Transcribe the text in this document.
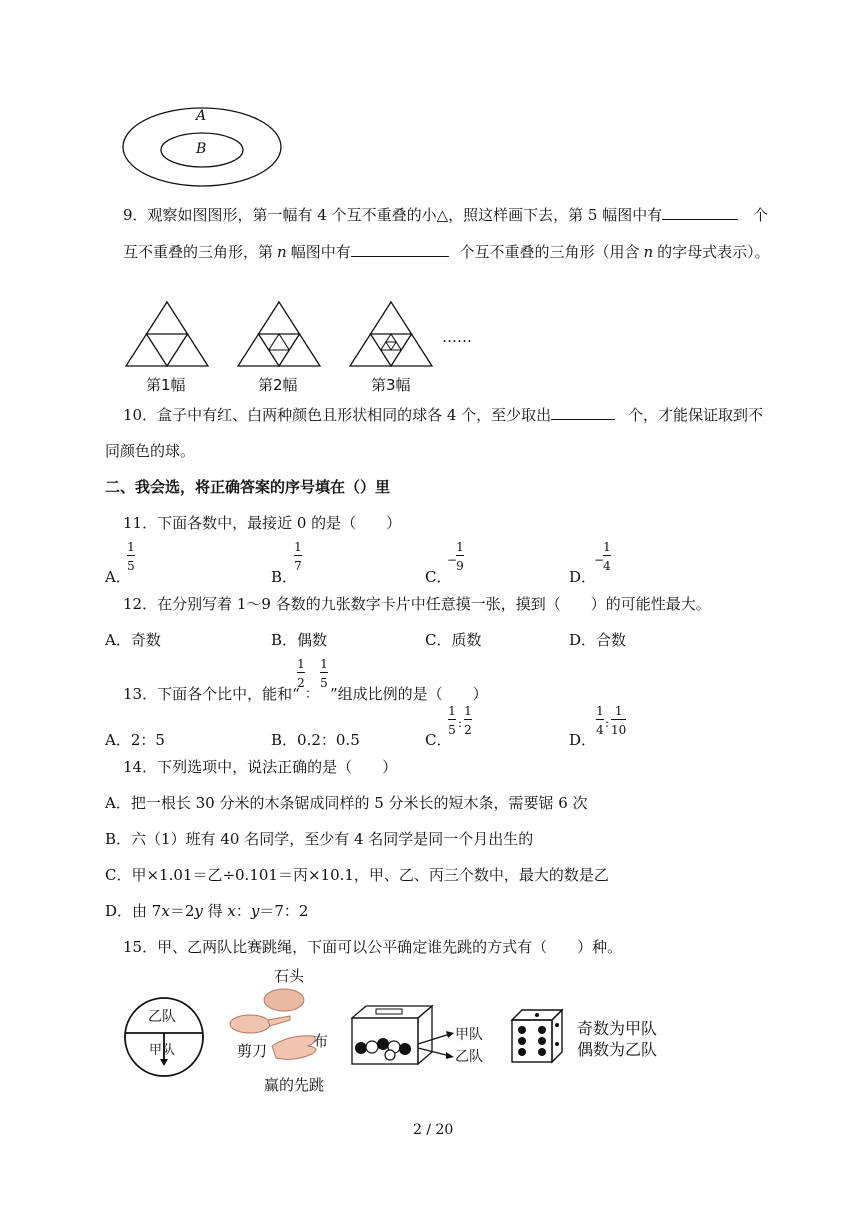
A
B
9．观察如图图形，第一幅有 4 个互不重叠的小△，照这样画下去，第 5 幅图中有	个
互不重叠的三角形，第 n 幅图中有	个互不重叠的三角形（用含 n 的字母式表示）。
……
第1幅	第2幅	第3幅
10．盒子中有红、白两种颜色且形状相同的球各 4 个，至少取出	个，才能保证取到不
同颜色的球。
二、我会选，将正确答案的序号填在（）里
11．下面各数中，最接近 0 的是（　　）
A．
$\frac{1}{5}$
B．
$\frac{1}{7}$
C．
−
$\frac{1}{9}$
D．
−
$\frac{1}{4}$
12．在分别写着 1～9 各数的九张数字卡片中任意摸一张，摸到（　　）的可能性最大。
A．奇数	B．偶数	C．质数	D．合数
13．下面各个比中，能和“
$\frac{1}{2}$
：
$\frac{1}{5}$
”组成比例的是（　　）
A．2：5	B．0.2：0.5	C．
$\frac{1}{5}$ : $\frac{1}{2}$
D．
$\frac{1}{4}$ : $\frac{1}{10}$
14．下列选项中，说法正确的是（　　）
A．把一根长 30 分米的木条锯成同样的 5 分米长的短木条，需要锯 6 次
B．六（1）班有 40 名同学，至少有 4 名同学是同一个月出生的
C．甲×1.01＝乙÷0.101＝丙×10.1，甲、乙、丙三个数中，最大的数是乙
D．由 7x＝2y 得 x：y＝7：2
15．甲、乙两队比赛跳绳，下面可以公平确定谁先跳的方式有（　　）种。
乙队
甲队
石头
剪刀
布
赢的先跳
甲队
乙队
奇数为甲队
偶数为乙队
2 / 20
